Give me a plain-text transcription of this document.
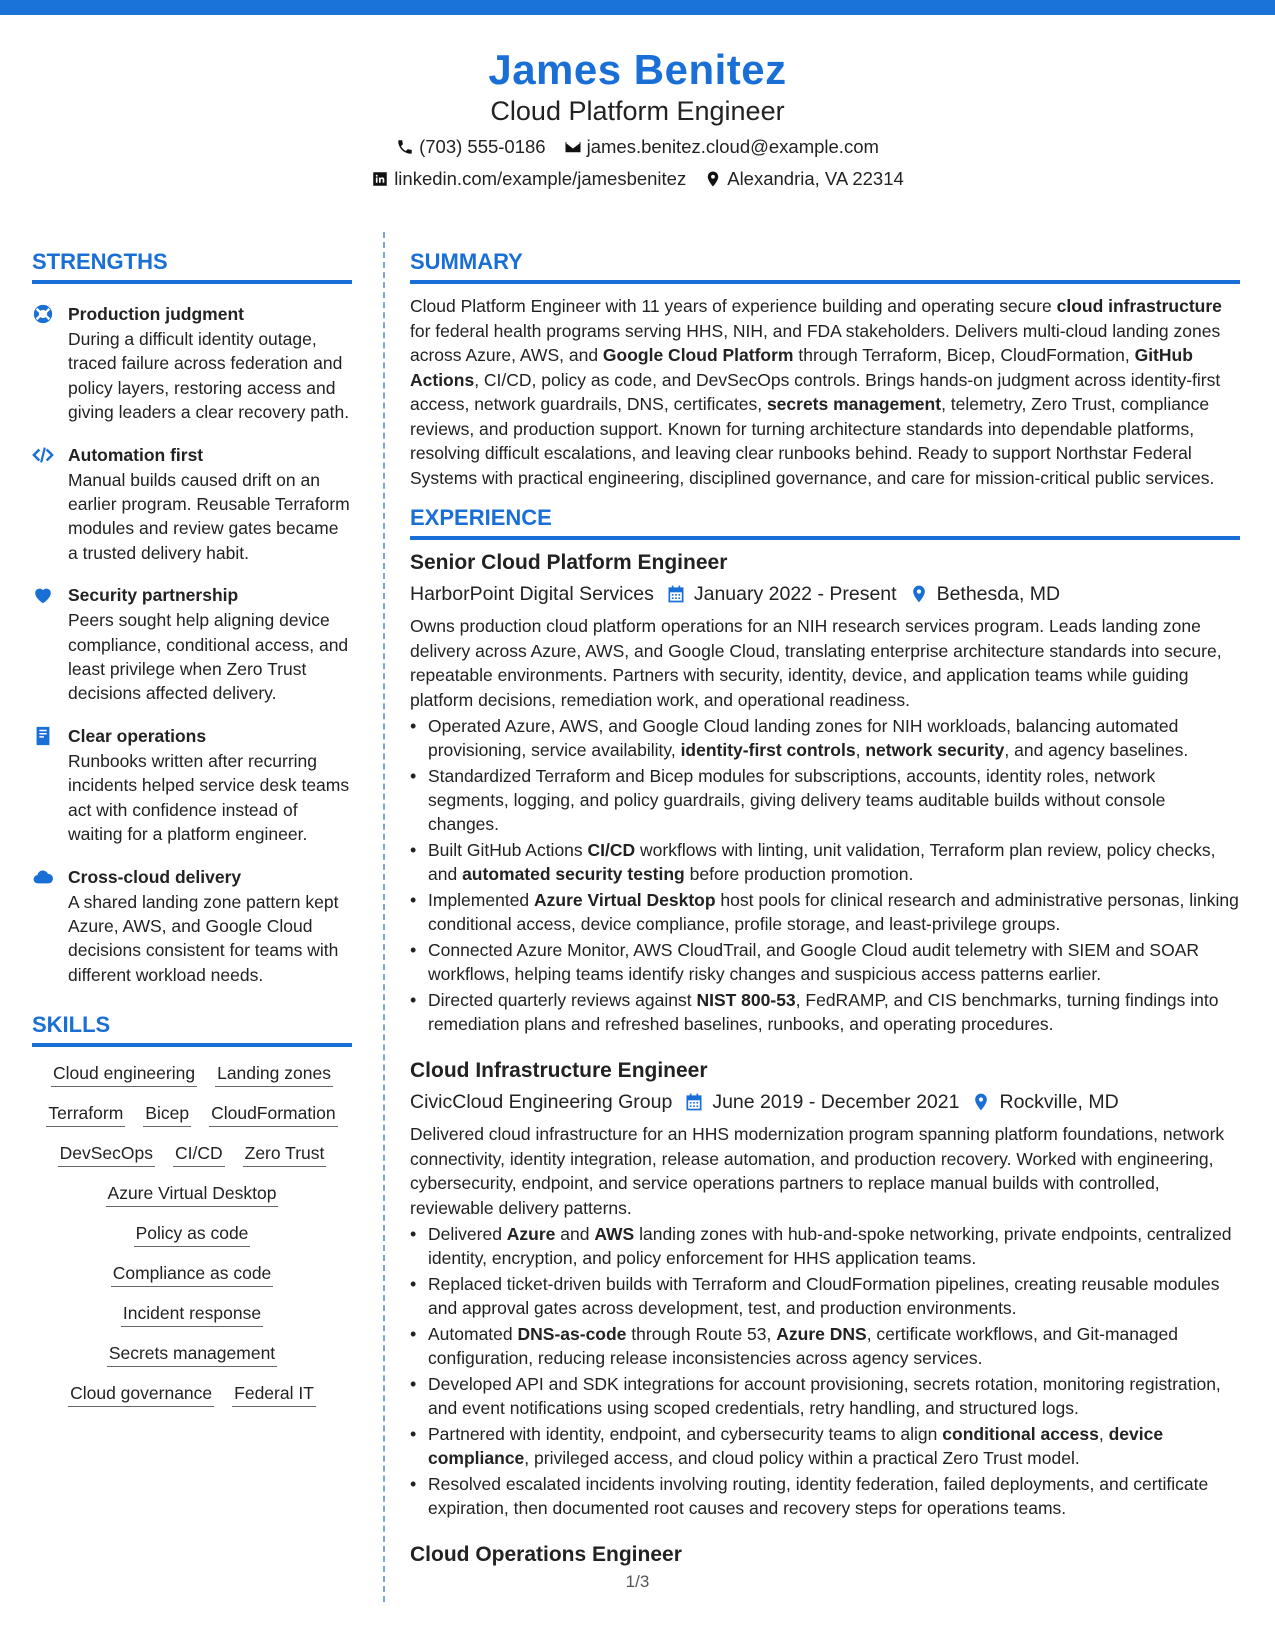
James Benitez
Cloud Platform Engineer
(703) 555-0186 james.benitez.cloud@example.com
linkedin.com/example/jamesbenitez Alexandria, VA 22314
STRENGTHS
Production judgment
During a difficult identity outage, traced failure across federation and policy layers, restoring access and giving leaders a clear recovery path.
Automation first
Manual builds caused drift on an earlier program. Reusable Terraform modules and review gates became a trusted delivery habit.
Security partnership
Peers sought help aligning device compliance, conditional access, and least privilege when Zero Trust decisions affected delivery.
Clear operations
Runbooks written after recurring incidents helped service desk teams act with confidence instead of waiting for a platform engineer.
Cross-cloud delivery
A shared landing zone pattern kept Azure, AWS, and Google Cloud decisions consistent for teams with different workload needs.
SKILLS
Cloud engineering Landing zones
Terraform Bicep CloudFormation
DevSecOps CI/CD Zero Trust
Azure Virtual Desktop
Policy as code
Compliance as code
Incident response
Secrets management
Cloud governance Federal IT
SUMMARY
Cloud Platform Engineer with 11 years of experience building and operating secure cloud infrastructure for federal health programs serving HHS, NIH, and FDA stakeholders. Delivers multi-cloud landing zones across Azure, AWS, and Google Cloud Platform through Terraform, Bicep, CloudFormation, GitHub Actions, CI/CD, policy as code, and DevSecOps controls. Brings hands-on judgment across identity-first access, network guardrails, DNS, certificates, secrets management, telemetry, Zero Trust, compliance reviews, and production support. Known for turning architecture standards into dependable platforms, resolving difficult escalations, and leaving clear runbooks behind. Ready to support Northstar Federal Systems with practical engineering, disciplined governance, and care for mission-critical public services.
EXPERIENCE
Senior Cloud Platform Engineer
HarborPoint Digital Services January 2022 - Present Bethesda, MD
Owns production cloud platform operations for an NIH research services program. Leads landing zone delivery across Azure, AWS, and Google Cloud, translating enterprise architecture standards into secure, repeatable environments. Partners with security, identity, device, and application teams while guiding platform decisions, remediation work, and operational readiness.
• Operated Azure, AWS, and Google Cloud landing zones for NIH workloads, balancing automated provisioning, service availability, identity-first controls, network security, and agency baselines.
• Standardized Terraform and Bicep modules for subscriptions, accounts, identity roles, network segments, logging, and policy guardrails, giving delivery teams auditable builds without console changes.
• Built GitHub Actions CI/CD workflows with linting, unit validation, Terraform plan review, policy checks, and automated security testing before production promotion.
• Implemented Azure Virtual Desktop host pools for clinical research and administrative personas, linking conditional access, device compliance, profile storage, and least-privilege groups.
• Connected Azure Monitor, AWS CloudTrail, and Google Cloud audit telemetry with SIEM and SOAR workflows, helping teams identify risky changes and suspicious access patterns earlier.
• Directed quarterly reviews against NIST 800-53, FedRAMP, and CIS benchmarks, turning findings into remediation plans and refreshed baselines, runbooks, and operating procedures.
Cloud Infrastructure Engineer
CivicCloud Engineering Group June 2019 - December 2021 Rockville, MD
Delivered cloud infrastructure for an HHS modernization program spanning platform foundations, network connectivity, identity integration, release automation, and production recovery. Worked with engineering, cybersecurity, endpoint, and service operations partners to replace manual builds with controlled, reviewable delivery patterns.
• Delivered Azure and AWS landing zones with hub-and-spoke networking, private endpoints, centralized identity, encryption, and policy enforcement for HHS application teams.
• Replaced ticket-driven builds with Terraform and CloudFormation pipelines, creating reusable modules and approval gates across development, test, and production environments.
• Automated DNS-as-code through Route 53, Azure DNS, certificate workflows, and Git-managed configuration, reducing release inconsistencies across agency services.
• Developed API and SDK integrations for account provisioning, secrets rotation, monitoring registration, and event notifications using scoped credentials, retry handling, and structured logs.
• Partnered with identity, endpoint, and cybersecurity teams to align conditional access, device compliance, privileged access, and cloud policy within a practical Zero Trust model.
• Resolved escalated incidents involving routing, identity federation, failed deployments, and certificate expiration, then documented root causes and recovery steps for operations teams.
Cloud Operations Engineer
1/3
